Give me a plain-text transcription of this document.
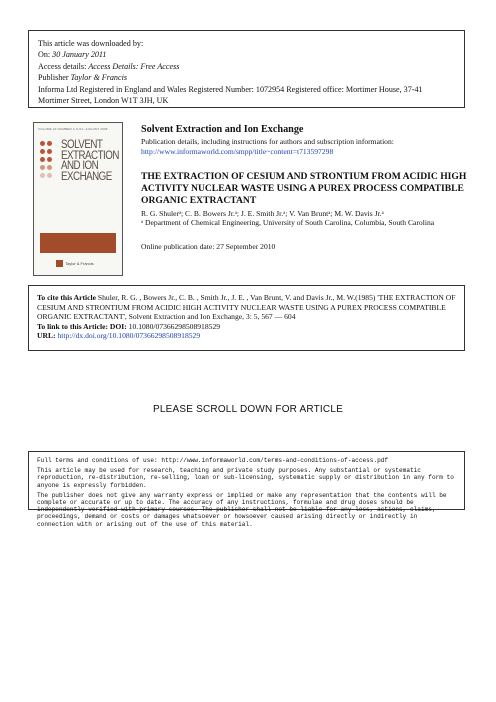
This article was downloaded by:
On: 30 January 2011
Access details: Access Details: Free Access
Publisher Taylor & Francis
Informa Ltd Registered in England and Wales Registered Number: 1072954 Registered office: Mortimer House, 37-41 Mortimer Street, London W1T 3JH, UK
VOLUME 23 NUMBER 4 JULY–AUGUST 2005
SOLVENT
EXTRACTION
AND ION
EXCHANGE
Taylor & Francis
Solvent Extraction and Ion Exchange
Publication details, including instructions for authors and subscription information:
http://www.informaworld.com/smpp/title~content=t713597298
THE EXTRACTION OF CESIUM AND STRONTIUM FROM ACIDIC HIGH ACTIVITY NUCLEAR WASTE USING A PUREX PROCESS COMPATIBLE ORGANIC EXTRACTANT
R. G. Shulerᵃ; C. B. Bowers Jr.ᵃ; J. E. Smith Jr.ᵃ; V. Van Bruntᵃ; M. W. Davis Jr.ᵃ
ᵃ Department of Chemical Engineering, University of South Carolina, Columbia, South Carolina
Online publication date: 27 September 2010
To cite this Article Shuler, R. G. , Bowers Jr., C. B. , Smith Jr., J. E. , Van Brunt, V. and Davis Jr., M. W.(1985) 'THE EXTRACTION OF CESIUM AND STRONTIUM FROM ACIDIC HIGH ACTIVITY NUCLEAR WASTE USING A PUREX PROCESS COMPATIBLE ORGANIC EXTRACTANT', Solvent Extraction and Ion Exchange, 3: 5, 567 — 604
To link to this Article: DOI: 10.1080/07366298508918529
URL: http://dx.doi.org/10.1080/07366298508918529
PLEASE SCROLL DOWN FOR ARTICLE

Full terms and conditions of use: http://www.informaworld.com/terms-and-conditions-of-access.pdf

This article may be used for research, teaching and private study purposes. Any substantial or systematic reproduction, re-distribution, re-selling, loan or sub-licensing, systematic supply or distribution in any form to anyone is expressly forbidden.

The publisher does not give any warranty express or implied or make any representation that the contents will be complete or accurate or up to date. The accuracy of any instructions, formulae and drug doses should be independently verified with primary sources. The publisher shall not be liable for any loss, actions, claims, proceedings, demand or costs or damages whatsoever or howsoever caused arising directly or indirectly in connection with or arising out of the use of this material.
